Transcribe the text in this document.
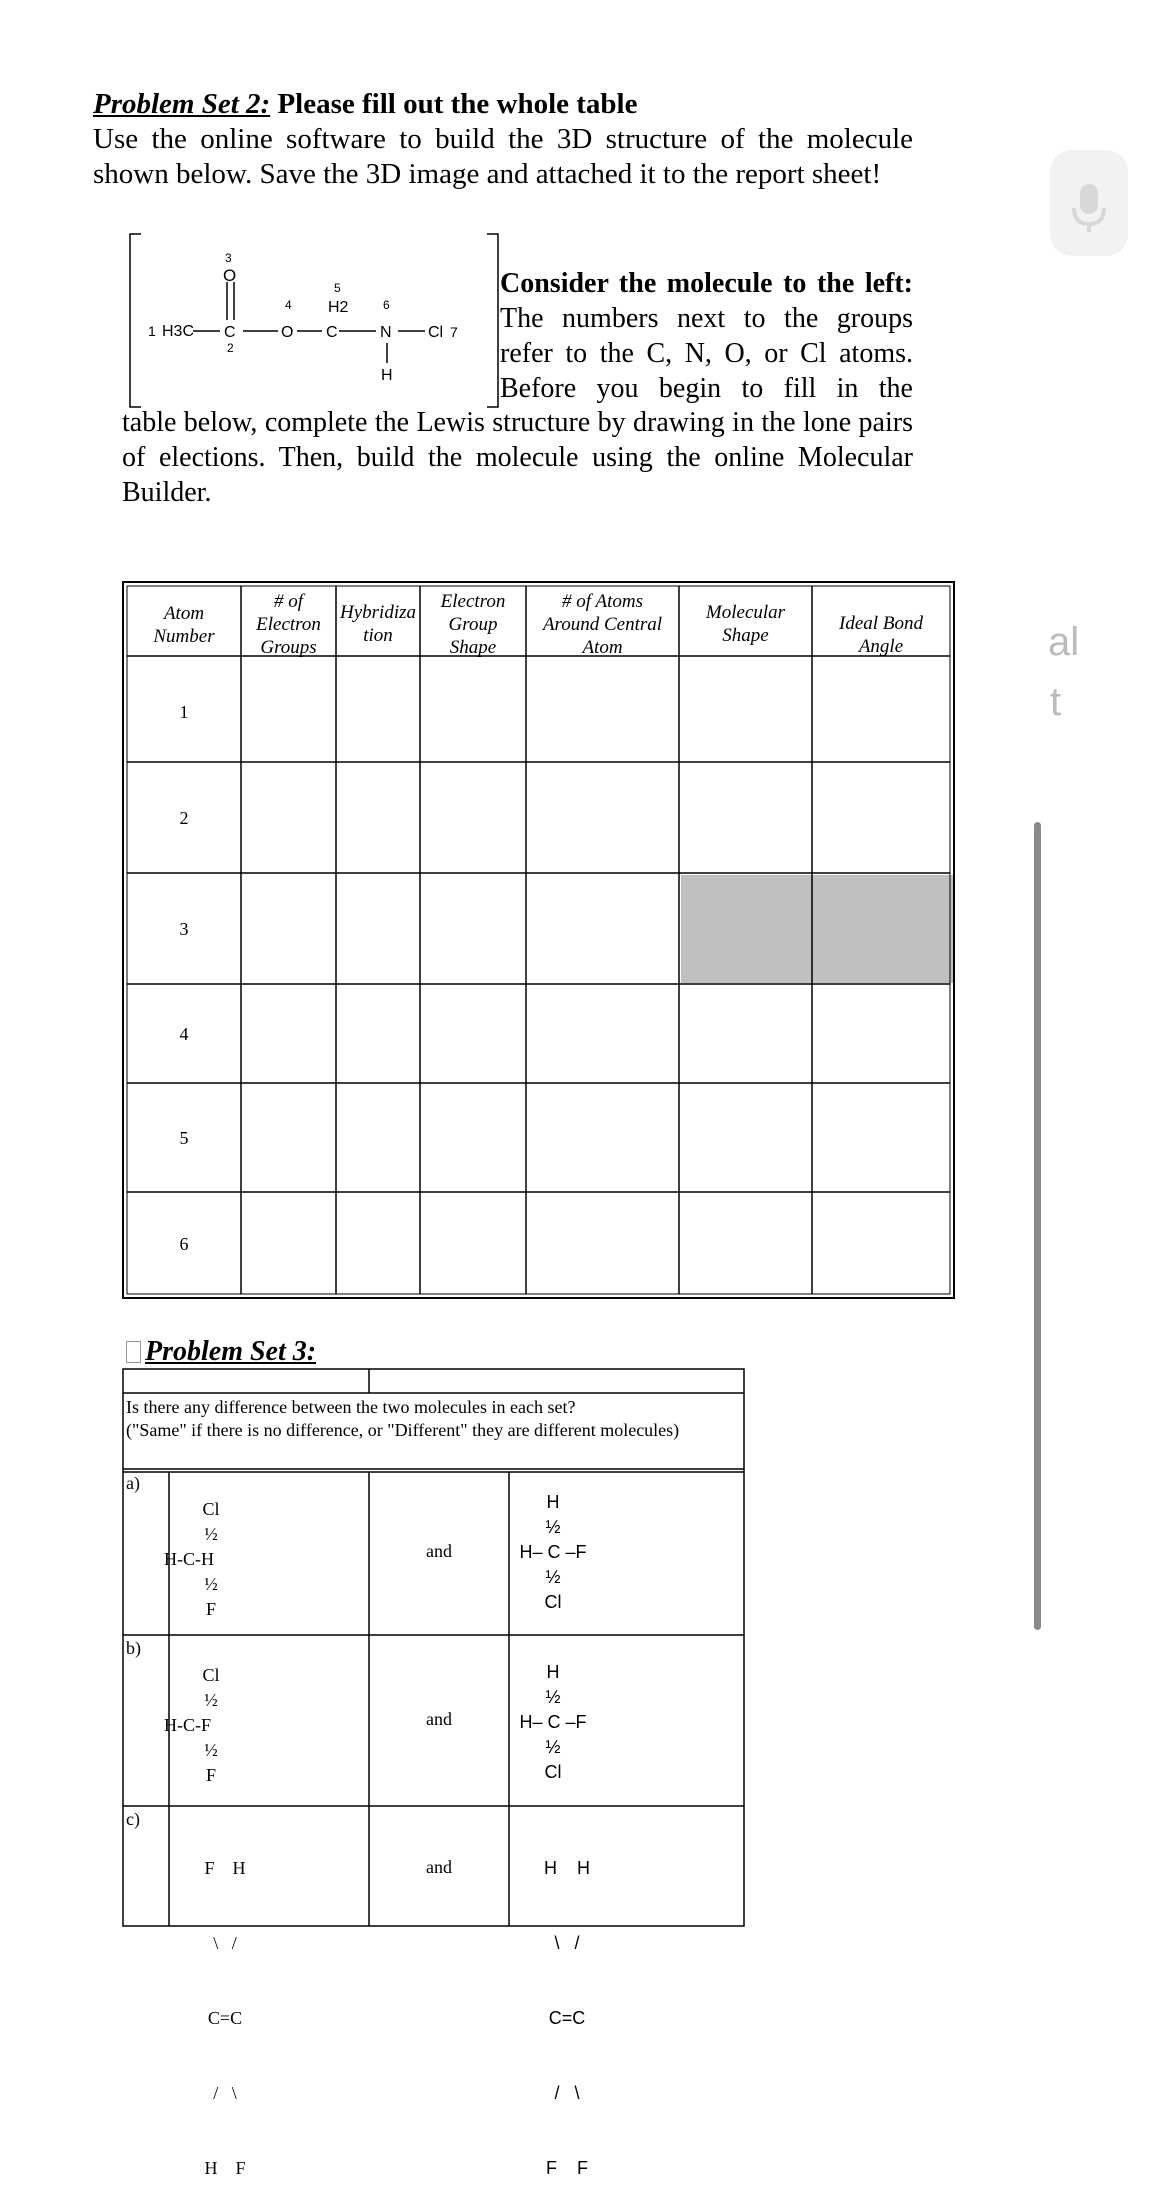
Problem Set 2: Please fill out the whole table
Use the online software to build the 3D structure of the molecule shown below. Save the 3D image and attached it to the report sheet!
Consider the molecule to the left:
The numbers next to the groups refer to the C, N, O, or Cl atoms. Before you begin to fill in the
table below, complete the Lewis structure by drawing in the lone pairs of elections. Then, build the molecule using the online Molecular Builder.
1 H3C
3
O
C
2
4
O
5
H2
C
6
N
H
Cl 7
Atom
Number
# of
Electron
Groups
Hybridiza
tion
Electron
Group
Shape
# of Atoms
Around Central
Atom
Molecular
Shape
Ideal Bond
Angle
1
2
3
4
5
6
Problem Set 3:
Is there any difference between the two molecules in each set?
("Same" if there is no difference, or "Different" they are different molecules)
a)
Cl
½
H-C-H
½
F
and
H
½
H– C –F
½
Cl
b)
Cl
½
H-C-F
½
F
and
H
½
H– C –F
½
Cl
c)

F    H

\   /

C=C

/   \

H    F

and

	H    H

\   /

C=C

/   \

F    F

al
t
